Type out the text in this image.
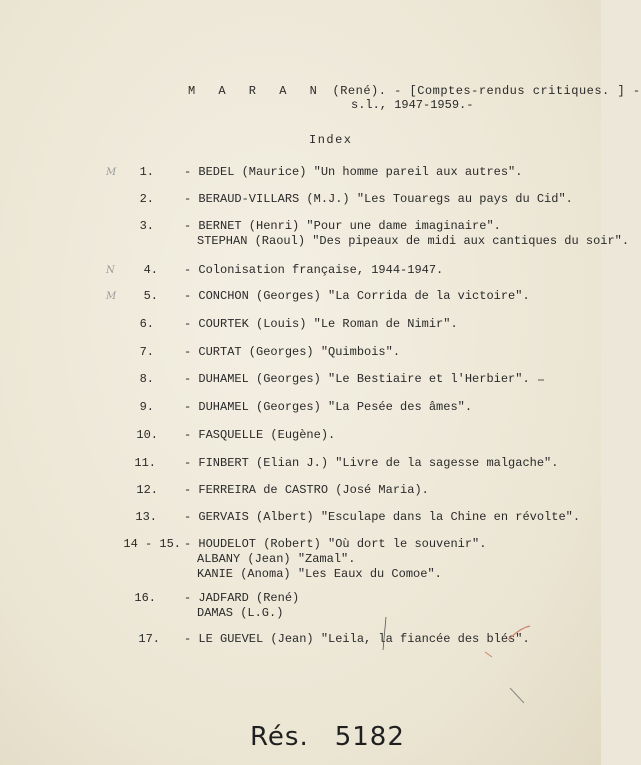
M A R A N (René). - [Comptes-rendus critiques. ] -
s.l., 1947-1959.-
Index
M 1.	- BEDEL (Maurice) "Un homme pareil aux autres".
2.	- BERAUD-VILLARS (M.J.) "Les Touaregs au pays du Cid".
3.	- BERNET (Henri) "Pour une dame imaginaire".
STEPHAN (Raoul) "Des pipeaux de midi aux cantiques du soir".
N 4. - Colonisation française, 1944-1947.
M 5. - CONCHON (Georges) "La Corrida de la victoire".
6.	- COURTEK (Louis) "Le Roman de Nimir".
7.	- CURTAT (Georges) "Quimbois".
8.	- DUHAMEL (Georges) "Le Bestiaire et l'Herbier".
9.	- DUHAMEL (Georges) "La Pesée des âmes".
10. - FASQUELLE (Eugène).
11. - FINBERT (Elian J.) "Livre de la sagesse malgache".
12. - FERREIRA de CASTRO (José Maria).
13. - GERVAIS (Albert) "Esculape dans la Chine en révolte".
14 - 15. - HOUDELOT (Robert) "Où dort le souvenir".
ALBANY (Jean) "Zamal".
KANIE (Anoma) "Les Eaux du Comoe".
16. - JADFARD (René)
DAMAS (L.G.)
17. - LE GUEVEL (Jean) "Leila, la fiancée des blés".
Rés. 5182
